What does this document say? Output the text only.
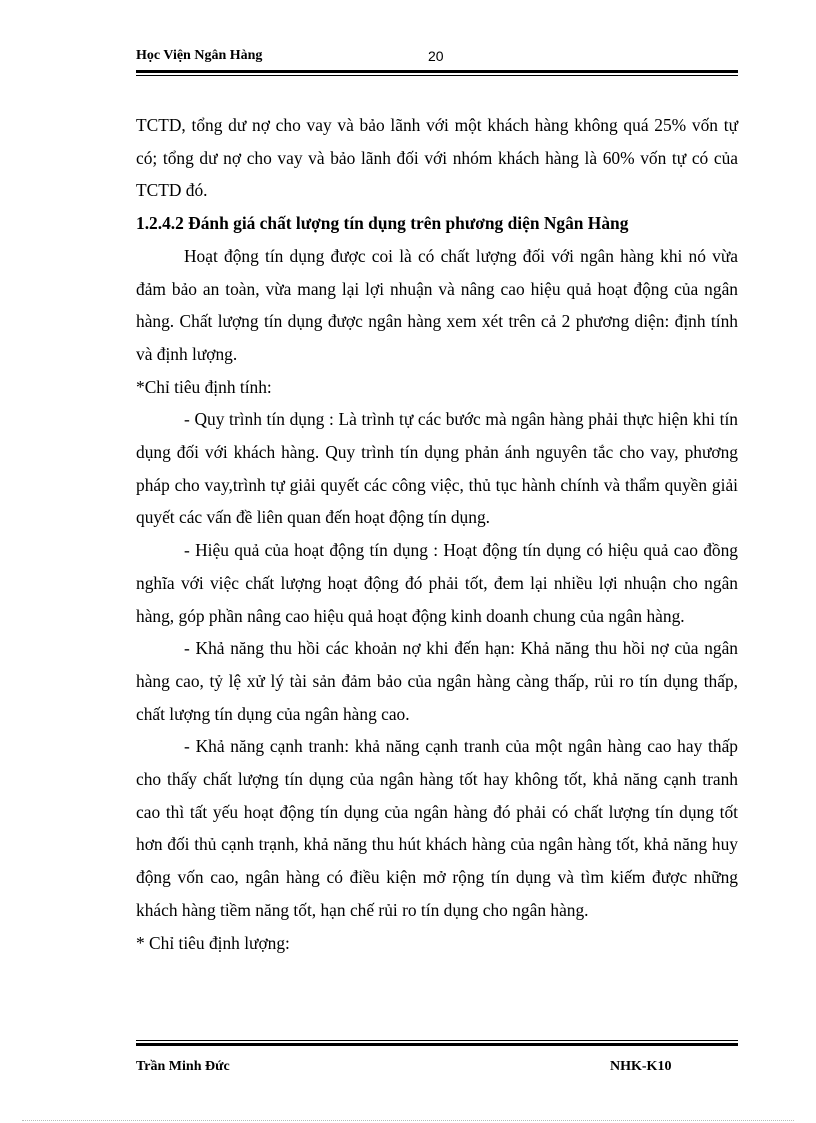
Học Viện Ngân Hàng	20

TCTD, tổng dư nợ cho vay và bảo lãnh với một khách hàng không quá 25% vốn tự có; tổng dư nợ cho vay và bảo lãnh đối với nhóm khách hàng là 60% vốn tự có của TCTD đó.

1.2.4.2 Đánh giá chất lượng tín dụng trên phương diện Ngân Hàng

Hoạt động tín dụng được coi là có chất lượng đối với ngân hàng khi nó vừa đảm bảo an toàn, vừa mang lại lợi nhuận và nâng cao hiệu quả hoạt động của ngân hàng. Chất lượng tín dụng được ngân hàng xem xét trên cả 2 phương diện: định tính và định lượng.

*Chỉ tiêu định tính:

- Quy trình tín dụng : Là trình tự các bước mà ngân hàng phải thực hiện khi tín dụng đối với khách hàng. Quy trình tín dụng phản ánh nguyên tắc cho vay, phương pháp cho vay,trình tự giải quyết các công việc, thủ tục hành chính và thẩm quyền giải quyết các vấn đề liên quan đến hoạt động tín dụng.

- Hiệu quả của hoạt động tín dụng : Hoạt động tín dụng có hiệu quả cao đồng nghĩa với việc chất lượng hoạt động đó phải tốt, đem lại nhiều lợi nhuận cho ngân hàng, góp phần nâng cao hiệu quả hoạt động kinh doanh chung của ngân hàng.

- Khả năng thu hồi các khoản nợ khi đến hạn: Khả năng thu hồi nợ của ngân hàng cao, tỷ lệ xử lý tài sản đảm bảo của ngân hàng càng thấp, rủi ro tín dụng thấp, chất lượng tín dụng của ngân hàng cao.

- Khả năng cạnh tranh: khả năng cạnh tranh của một ngân hàng cao hay thấp cho thấy chất lượng tín dụng của ngân hàng tốt hay không tốt, khả năng cạnh tranh cao thì tất yếu hoạt động tín dụng của ngân hàng đó phải có chất lượng tín dụng tốt hơn đối thủ cạnh trạnh, khả năng thu hút khách hàng của ngân hàng tốt, khả năng huy động vốn cao, ngân hàng có điều kiện mở rộng tín dụng và tìm kiếm được những khách hàng tiềm năng tốt, hạn chế rủi ro tín dụng cho ngân hàng.

* Chỉ tiêu định lượng:

Trần Minh Đức	NHK-K10
